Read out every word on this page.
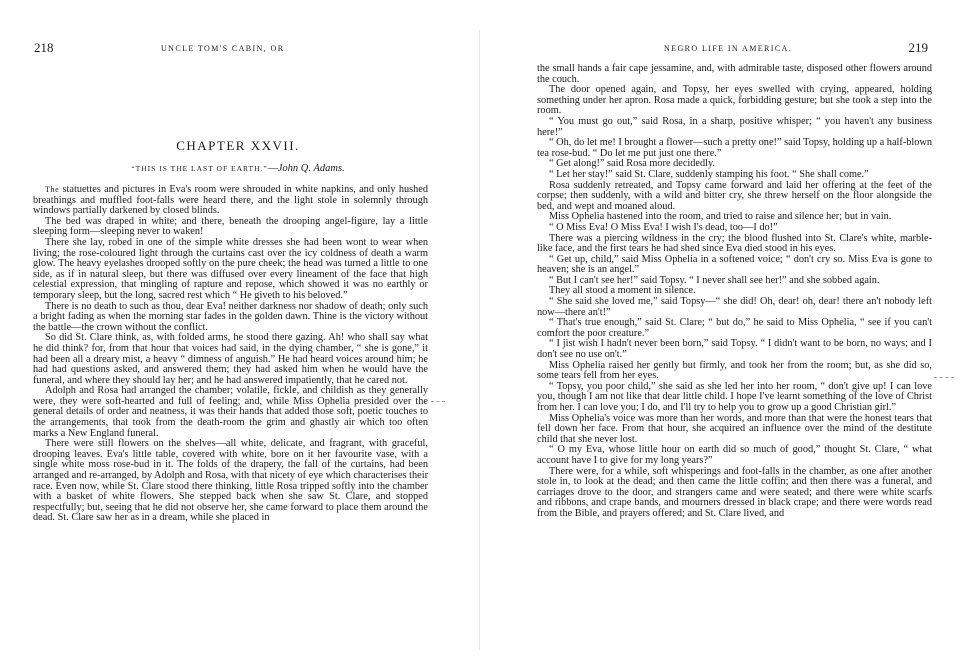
218	UNCLE TOM'S CABIN, OR
CHAPTER XXVII.
“THIS IS THE LAST OF EARTH.”—John Q. Adams.

The statuettes and pictures in Eva's room were shrouded in white napkins, and only hushed breathings and muffled foot-falls were heard there, and the light stole in solemnly through windows partially darkened by closed blinds.

The bed was draped in white; and there, beneath the drooping angel-figure, lay a little sleeping form—sleeping never to waken!

There she lay, robed in one of the simple white dresses she had been wont to wear when living; the rose-coloured light through the curtains cast over the icy coldness of death a warm glow. The heavy eyelashes drooped softly on the pure cheek; the head was turned a little to one side, as if in natural sleep, but there was diffused over every lineament of the face that high celestial expression, that mingling of rapture and repose, which showed it was no earthly or temporary sleep, but the long, sacred rest which “ He giveth to his beloved.”

There is no death to such as thou, dear Eva! neither darkness nor shadow of death; only such a bright fading as when the morning star fades in the golden dawn. Thine is the victory without the battle—the crown without the conflict.

So did St. Clare think, as, with folded arms, he stood there gazing. Ah! who shall say what he did think? for, from that hour that voices had said, in the dying chamber, “ she is gone,” it had been all a dreary mist, a heavy “ dimness of anguish.” He had heard voices around him; he had had questions asked, and answered them; they had asked him when he would have the funeral, and where they should lay her; and he had answered impatiently, that he cared not.

Adolph and Rosa had arranged the chamber; volatile, fickle, and childish as they generally were, they were soft-hearted and full of feeling; and, while Miss Ophelia presided over the general details of order and neatness, it was their hands that added those soft, poetic touches to the arrangements, that took from the death-room the grim and ghastly air which too often marks a New England funeral.

There were still flowers on the shelves—all white, delicate, and fragrant, with graceful, drooping leaves. Eva's little table, covered with white, bore on it her favourite vase, with a single white moss rose-bud in it. The folds of the drapery, the fall of the curtains, had been arranged and re-arranged, by Adolph and Rosa, with that nicety of eye which characterises their race. Even now, while St. Clare stood there thinking, little Rosa tripped softly into the chamber with a basket of white flowers. She stepped back when she saw St. Clare, and stopped respectfully; but, seeing that he did not observe her, she came forward to place them around the dead. St. Clare saw her as in a dream, while she placed in

NEGRO LIFE IN AMERICA.	219

the small hands a fair cape jessamine, and, with admirable taste, disposed other flowers around the couch.

The door opened again, and Topsy, her eyes swelled with crying, appeared, holding something under her apron. Rosa made a quick, forbidding gesture; but she took a step into the room.

“ You must go out,” said Rosa, in a sharp, positive whisper; “ you haven't any business here!”

“ Oh, do let me! I brought a flower—such a pretty one!” said Topsy, holding up a half-blown tea rose-bud. “ Do let me put just one there.”

“ Get along!” said Rosa more decidedly.

“ Let her stay!” said St. Clare, suddenly stamping his foot. “ She shall come.”

Rosa suddenly retreated, and Topsy came forward and laid her offering at the feet of the corpse; then suddenly, with a wild and bitter cry, she threw herself on the floor alongside the bed, and wept and moaned aloud.

Miss Ophelia hastened into the room, and tried to raise and silence her; but in vain.

“ O Miss Eva! O Miss Eva! I wish I's dead, too—I do!”

There was a piercing wildness in the cry; the blood flushed into St. Clare's white, marble-like face, and the first tears he had shed since Eva died stood in his eyes.

“ Get up, child,” said Miss Ophelia in a softened voice; “ don't cry so. Miss Eva is gone to heaven; she is an angel.”

“ But I can't see her!” said Topsy. “ I never shall see her!” and she sobbed again.

They all stood a moment in silence.

“ She said she loved me,” said Topsy—“ she did! Oh, dear! oh, dear! there an't nobody left now—there an't!”

“ That's true enough,” said St. Clare; “ but do,” he said to Miss Ophelia, “ see if you can't comfort the poor creature.”

“ I jist wish I hadn't never been born,” said Topsy. “ I didn't want to be born, no ways; and I don't see no use on't.”

Miss Ophelia raised her gently but firmly, and took her from the room; but, as she did so, some tears fell from her eyes.

“ Topsy, you poor child,” she said as she led her into her room, “ don't give up! I can love you, though I am not like that dear little child. I hope I've learnt something of the love of Christ from her. I can love you; I do, and I'll try to help you to grow up a good Christian girl.”

Miss Ophelia's voice was more than her words, and more than that were the honest tears that fell down her face. From that hour, she acquired an influence over the mind of the destitute child that she never lost.

“ O my Eva, whose little hour on earth did so much of good,” thought St. Clare, “ what account have I to give for my long years?”

There were, for a while, soft whisperings and foot-falls in the chamber, as one after another stole in, to look at the dead; and then came the little coffin; and then there was a funeral, and carriages drove to the door, and strangers came and were seated; and there were white scarfs and ribbons, and crape bands, and mourners dressed in black crape; and there were words read from the Bible, and prayers offered; and St. Clare lived, and
